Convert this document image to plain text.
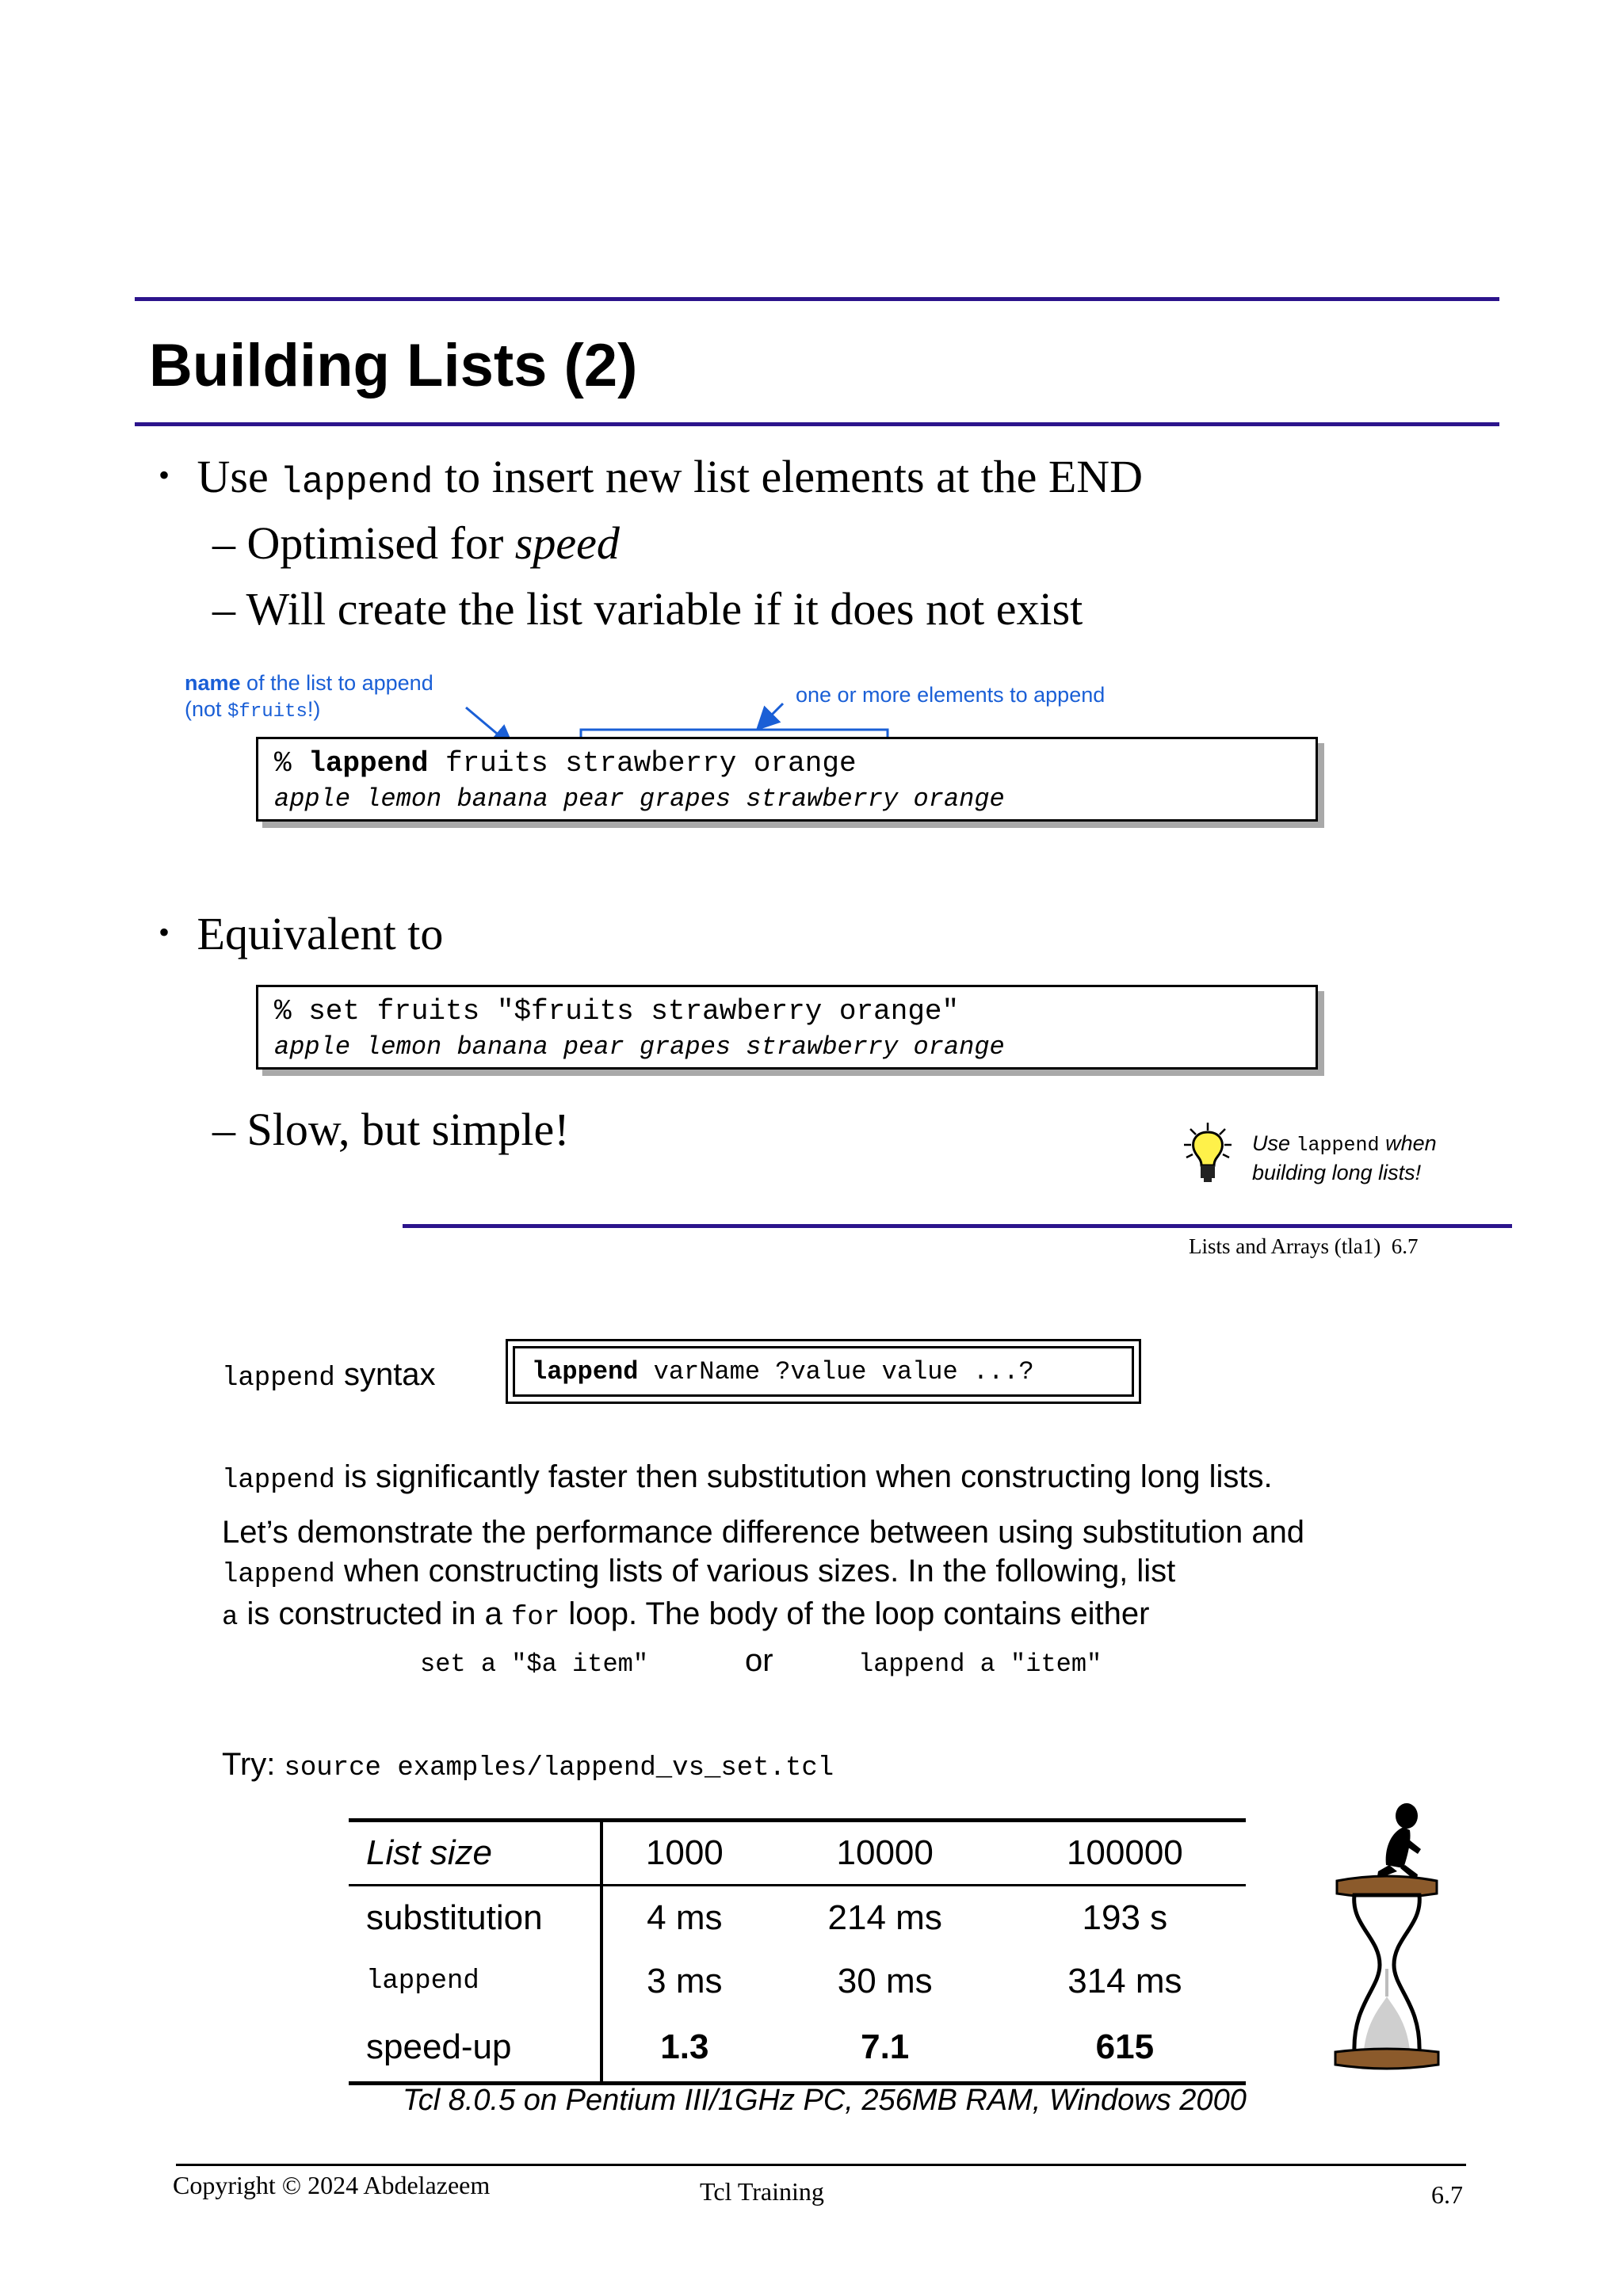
Building Lists (2)
• Use lappend to insert new list elements at the END
– Optimised for speed
– Will create the list variable if it does not exist
name of the list to append
(not $fruits!)
one or more elements to append
% lappend fruits strawberry orange
apple lemon banana pear grapes strawberry orange
• Equivalent to
% set fruits "$fruits strawberry orange"
apple lemon banana pear grapes strawberry orange
– Slow, but simple!	Use lappend when
building long lists!
Lists and Arrays (tla1)  6.7
lappend syntax	lappend varName ?value value ...?
lappend is significantly faster then substitution when constructing long lists.
Let’s demonstrate the performance difference between using substitution and
lappend when constructing lists of various sizes. In the following, list
a is constructed in a for loop. The body of the loop contains either
set a "$a item"	or	lappend a "item"
Try: source examples/lappend_vs_set.tcl
List size	1000	10000	100000
substitution	4 ms	214 ms	193 s
lappend	3 ms	30 ms	314 ms
speed-up	1.3	7.1	615
Tcl 8.0.5 on Pentium III/1GHz PC, 256MB RAM, Windows 2000
Copyright © 2024 Abdelazeem	Tcl Training	6.7
